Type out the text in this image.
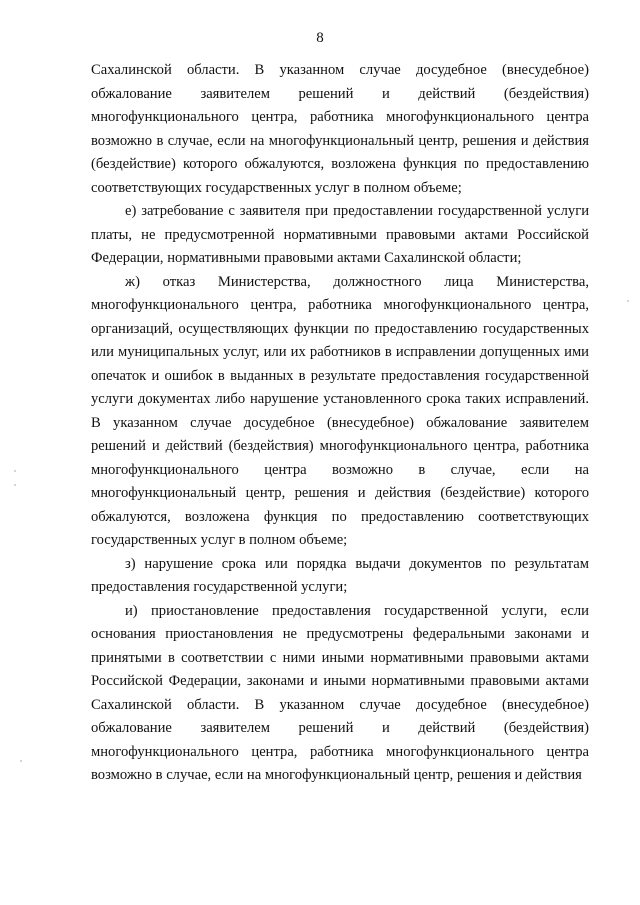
8

Сахалинской области. В указанном случае досудебное (внесудебное) обжалование заявителем решений и действий (бездействия) многофункционального центра, работника многофункционального центра возможно в случае, если на многофункциональный центр, решения и действия (бездействие) которого обжалуются, возложена функция по предоставлению соответствующих государственных услуг в полном объеме;

е) затребование с заявителя при предоставлении государственной услуги платы, не предусмотренной нормативными правовыми актами Российской Федерации, нормативными правовыми актами Сахалинской области;

ж) отказ Министерства, должностного лица Министерства, многофункционального центра, работника многофункционального центра, организаций, осуществляющих функции по предоставлению государственных или муниципальных услуг, или их работников в исправлении допущенных ими опечаток и ошибок в выданных в результате предоставления государственной услуги документах либо нарушение установленного срока таких исправлений. В указанном случае досудебное (внесудебное) обжалование заявителем решений и действий (бездействия) многофункционального центра, работника многофункционального центра возможно в случае, если на многофункциональный центр, решения и действия (бездействие) которого обжалуются, возложена функция по предоставлению соответствующих государственных услуг в полном объеме;

з) нарушение срока или порядка выдачи документов по результатам предоставления государственной услуги;

и) приостановление предоставления государственной услуги, если основания приостановления не предусмотрены федеральными законами и принятыми в соответствии с ними иными нормативными правовыми актами Российской Федерации, законами и иными нормативными правовыми актами Сахалинской области. В указанном случае досудебное (внесудебное) обжалование заявителем решений и действий (бездействия) многофункционального центра, работника многофункционального центра возможно в случае, если на многофункциональный центр, решения и действия
